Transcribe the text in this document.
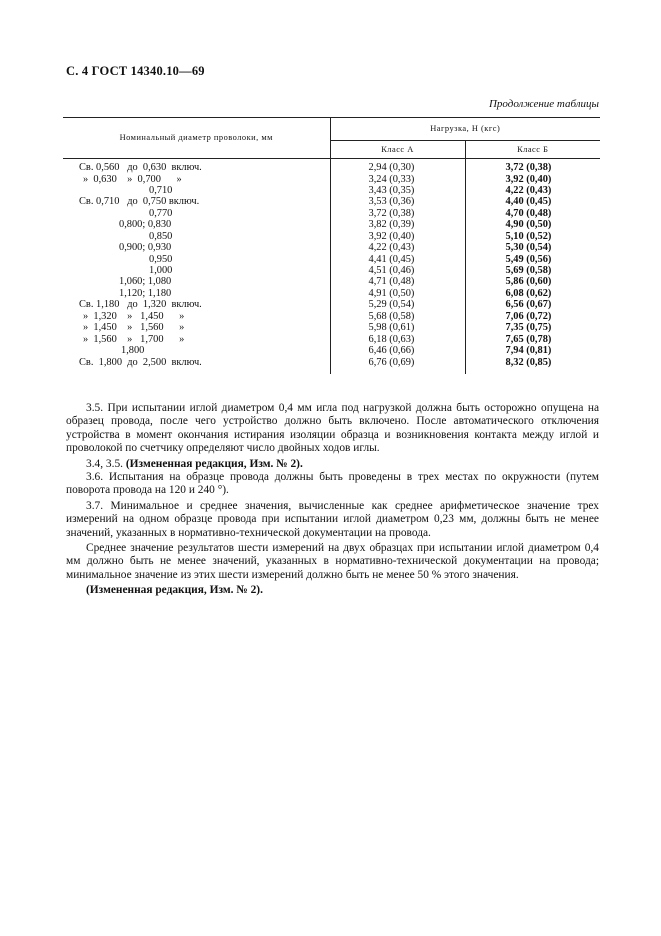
С. 4 ГОСТ 14340.10—69
Продолжение таблицы
Номинальный диаметр проволоки, мм	Нагрузка, Н (кгс)	
	Класс А	Класс Б
Св. 0,560   до  0,630  включ.	2,94 (0,30)	3,72 (0,38)
»  0,630    »  0,700      »	3,24 (0,33)	3,92 (0,40)
0,710	3,43 (0,35)	4,22 (0,43)
Св. 0,710   до  0,750 включ.	3,53 (0,36)	4,40 (0,45)
0,770	3,72 (0,38)	4,70 (0,48)
0,800; 0,830	3,82 (0,39)	4,90 (0,50)
0,850	3,92 (0,40)	5,10 (0,52)
0,900; 0,930	4,22 (0,43)	5,30 (0,54)
0,950	4,41 (0,45)	5,49 (0,56)
1,000	4,51 (0,46)	5,69 (0,58)
1,060; 1,080	4,71 (0,48)	5,86 (0,60)
1,120; 1,180	4,91 (0,50)	6,08 (0,62)
Св. 1,180   до  1,320  включ.	5,29 (0,54)	6,56 (0,67)
»  1,320    »   1,450      »	5,68 (0,58)	7,06 (0,72)
»  1,450    »   1,560      »	5,98 (0,61)	7,35 (0,75)
»  1,560    »   1,700      »	6,18 (0,63)	7,65 (0,78)
1,800	6,46 (0,66)	7,94 (0,81)
Св.  1,800  до  2,500  включ.	6,76 (0,69)	8,32 (0,85)

3.5. При испытании иглой диаметром 0,4 мм игла под нагрузкой должна быть осторожно опущена на образец провода, после чего устройство должно быть включено. После автоматического отключения устройства в момент окончания истирания изоляции образца и возникновения контакта между иглой и проволокой по счетчику определяют число двойных ходов иглы.

3.4, 3.5. (Измененная редакция, Изм. № 2).

3.6. Испытания на образце провода должны быть проведены в трех местах по окружности (путем поворота провода на 120 и 240 °).

3.7. Минимальное и среднее значения, вычисленные как среднее арифметическое значение трех измерений на одном образце провода при испытании иглой диаметром 0,23 мм, должны быть не менее значений, указанных в нормативно-технической документации на провода.

Среднее значение результатов шести измерений на двух образцах при испытании иглой диаметром 0,4 мм должно быть не менее значений, указанных в нормативно-технической документации на провода; минимальное значение из этих шести измерений должно быть не менее 50 % этого значения.

(Измененная редакция, Изм. № 2).
